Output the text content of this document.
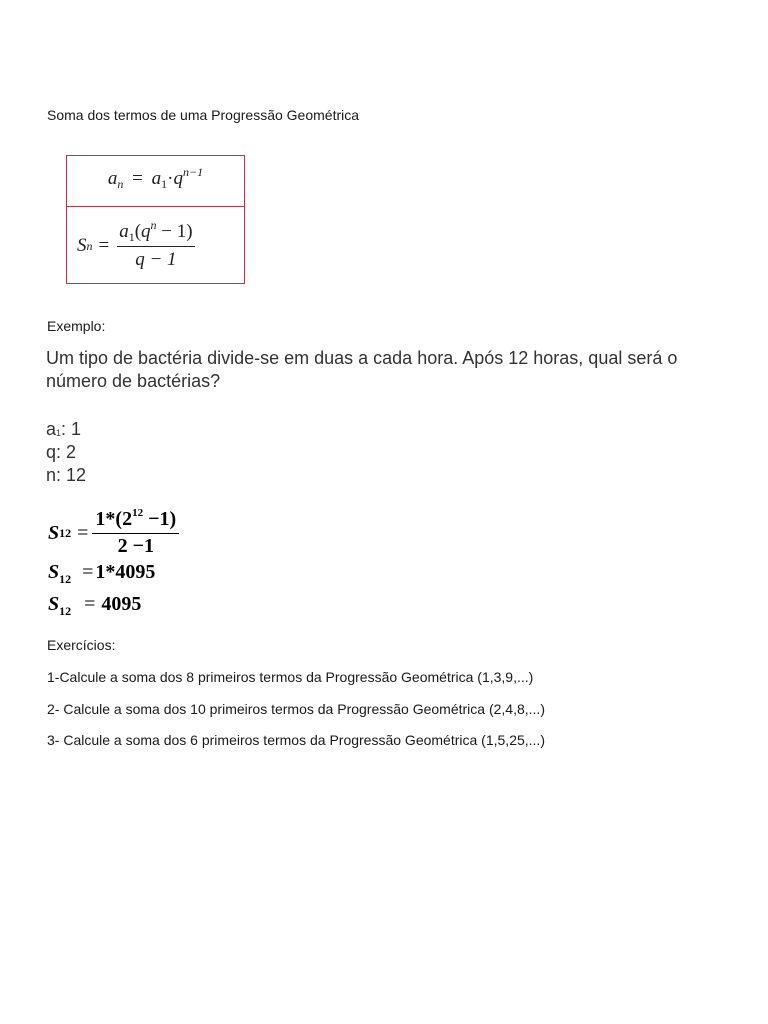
Soma dos termos de uma Progressão Geométrica
$a_n = a_1\cdot q^{n-1}$
S $n = \frac{a_1(q^n - 1)}{q - 1}$
Exemplo:
Um tipo de bactéria divide-se em duas a cada hora. Após 12 horas, qual será o número de bactérias?
$a_1$: 1
q: 2
n: 12
S $12 = \frac{1*(2^{12} -1)}{2 -1}$
$S_{12} = 1*4095$
$S_{12} = 4095$
Exercícios:
1-Calcule a soma dos 8 primeiros termos da Progressão Geométrica (1,3,9,...)
2- Calcule a soma dos 10 primeiros termos da Progressão Geométrica (2,4,8,...)
3- Calcule a soma dos 6 primeiros termos da Progressão Geométrica (1,5,25,...)
